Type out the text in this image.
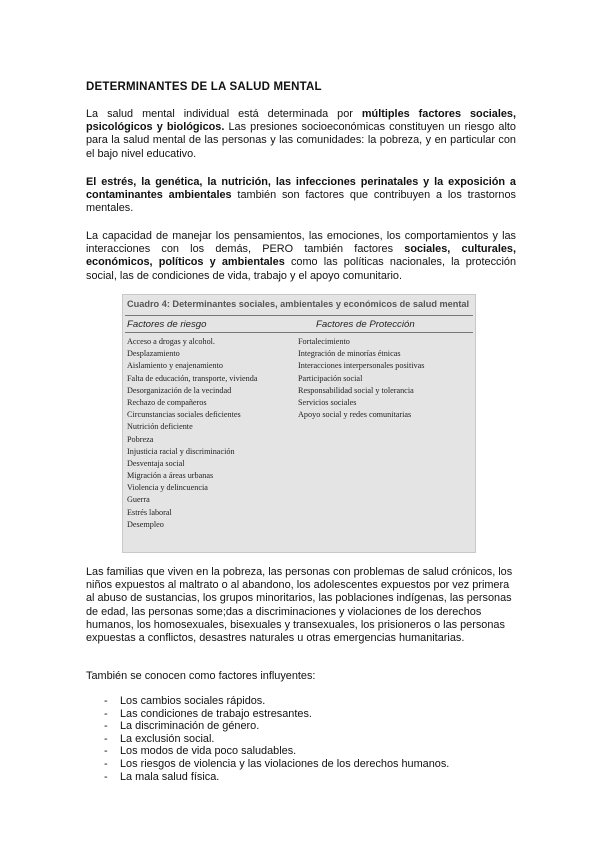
DETERMINANTES DE LA SALUD MENTAL

La salud mental individual está determinada por múltiples factores sociales, psicológicos y biológicos. Las presiones socioeconómicas constituyen un riesgo alto para la salud mental de las personas y las comunidades: la pobreza, y en particular con el bajo nivel educativo.

El estrés, la genética, la nutrición, las infecciones perinatales y la exposición a contaminantes ambientales también son factores que contribuyen a los trastornos mentales.

La capacidad de manejar los pensamientos, las emociones, los comportamientos y las interacciones con los demás, PERO también factores sociales, culturales, económicos, políticos y ambientales como las políticas nacionales, la protección social, las de condiciones de vida, trabajo y el apoyo comunitario.

Las familias que viven en la pobreza, las personas con problemas de salud crónicos, los niños expuestos al maltrato o al abandono, los adolescentes expuestos por vez primera al abuso de sustancias, los grupos minoritarios, las poblaciones indígenas, las personas de edad, las personas some;das a discriminaciones y violaciones de los derechos humanos, los homosexuales, bisexuales y transexuales, los prisioneros o las personas expuestas a conflictos, desastres naturales u otras emergencias humanitarias.

También se conocen como factores influyentes:

Cuadro 4: Determinantes sociales, ambientales y económicos de salud mental
Factores de riesgo	Factores de Protección
Acceso a drogas y alcohol.
Desplazamiento
Aislamiento y enajenamiento
Falta de educación, transporte, vivienda
Desorganización de la vecindad
Rechazo de compañeros
Circunstancias sociales deficientes
Nutrición deficiente
Pobreza
Injusticia racial y discriminación
Desventaja social
Migración a áreas urbanas
Violencia y delincuencia
Guerra
Estrés laboral
Desempleo
Fortalecimiento
Integración de minorías étnicas
Interacciones interpersonales positivas
Participación social
Responsabilidad social y tolerancia
Servicios sociales
Apoyo social y redes comunitarias
- Los cambios sociales rápidos.
- Las condiciones de trabajo estresantes.
- La discriminación de género.
- La exclusión social.
- Los modos de vida poco saludables.
- Los riesgos de violencia y las violaciones de los derechos humanos.
- La mala salud física.
